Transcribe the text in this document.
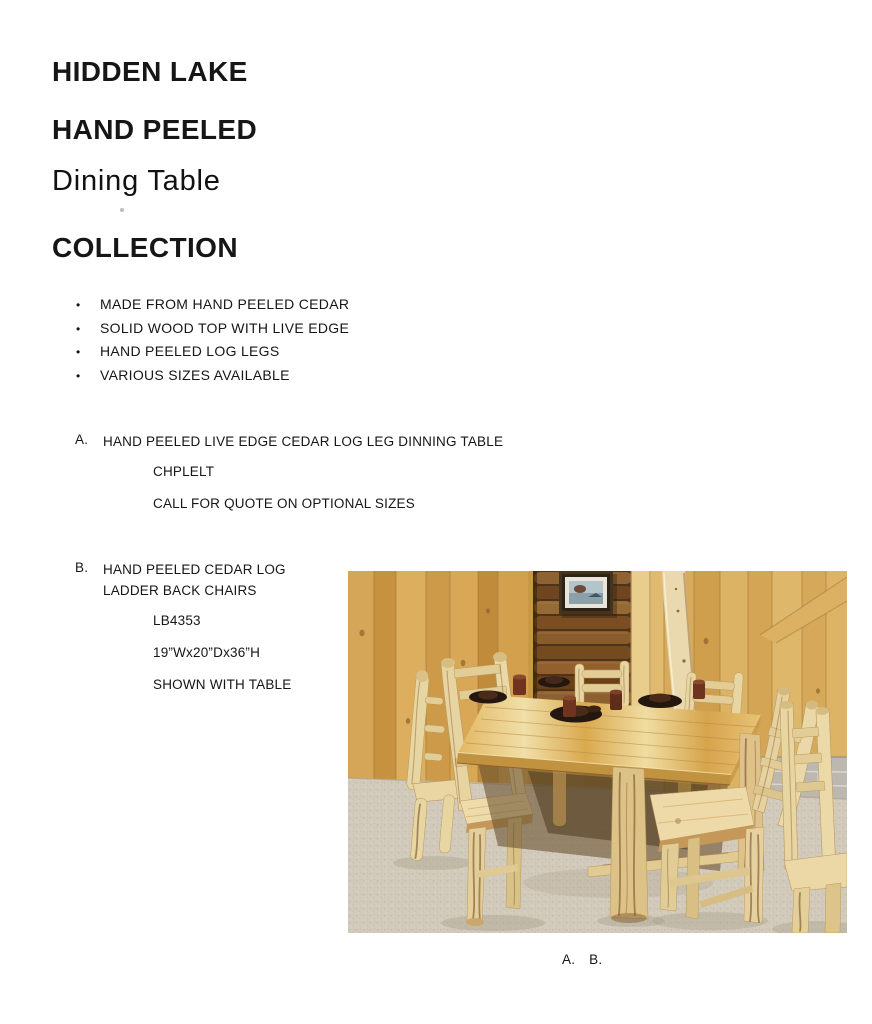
HIDDEN LAKE
HAND PEELED
Dining Table
COLLECTION
•	MADE FROM HAND PEELED CEDAR
•	SOLID WOOD TOP WITH LIVE EDGE
•	HAND PEELED LOG LEGS
•	VARIOUS SIZES AVAILABLE
A.	HAND PEELED LIVE EDGE CEDAR LOG LEG DINNING TABLE
CHPLELT
CALL FOR QUOTE ON OPTIONAL SIZES
B.	HAND PEELED CEDAR LOG LADDER BACK CHAIRS
LB4353
19”Wx20”Dx36”H
SHOWN WITH TABLE
A. B.
